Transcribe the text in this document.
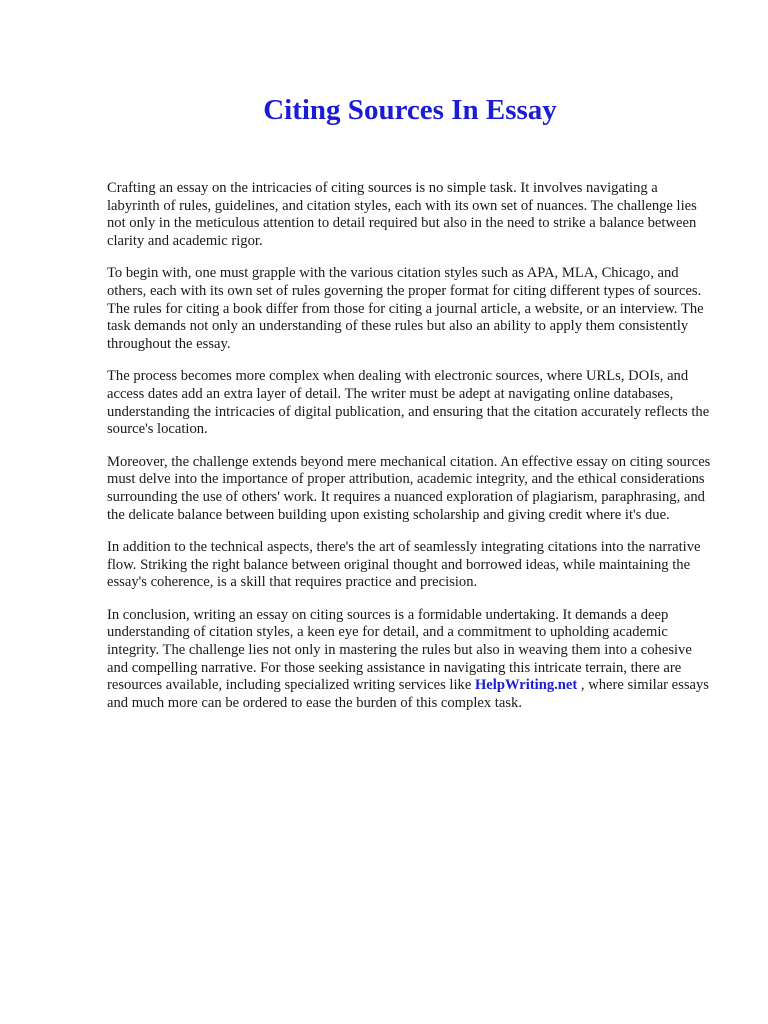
Citing Sources In Essay

Crafting an essay on the intricacies of citing sources is no simple task. It involves navigating a labyrinth of rules, guidelines, and citation styles, each with its own set of nuances. The challenge lies not only in the meticulous attention to detail required but also in the need to strike a balance between clarity and academic rigor.

To begin with, one must grapple with the various citation styles such as APA, MLA, Chicago, and others, each with its own set of rules governing the proper format for citing different types of sources. The rules for citing a book differ from those for citing a journal article, a website, or an interview. The task demands not only an understanding of these rules but also an ability to apply them consistently throughout the essay.

The process becomes more complex when dealing with electronic sources, where URLs, DOIs, and access dates add an extra layer of detail. The writer must be adept at navigating online databases, understanding the intricacies of digital publication, and ensuring that the citation accurately reflects the source's location.

Moreover, the challenge extends beyond mere mechanical citation. An effective essay on citing sources must delve into the importance of proper attribution, academic integrity, and the ethical considerations surrounding the use of others' work. It requires a nuanced exploration of plagiarism, paraphrasing, and the delicate balance between building upon existing scholarship and giving credit where it's due.

In addition to the technical aspects, there's the art of seamlessly integrating citations into the narrative flow. Striking the right balance between original thought and borrowed ideas, while maintaining the essay's coherence, is a skill that requires practice and precision.

In conclusion, writing an essay on citing sources is a formidable undertaking. It demands a deep understanding of citation styles, a keen eye for detail, and a commitment to upholding academic integrity. The challenge lies not only in mastering the rules but also in weaving them into a cohesive and compelling narrative. For those seeking assistance in navigating this intricate terrain, there are resources available, including specialized writing services like HelpWriting.net , where similar essays and much more can be ordered to ease the burden of this complex task.
